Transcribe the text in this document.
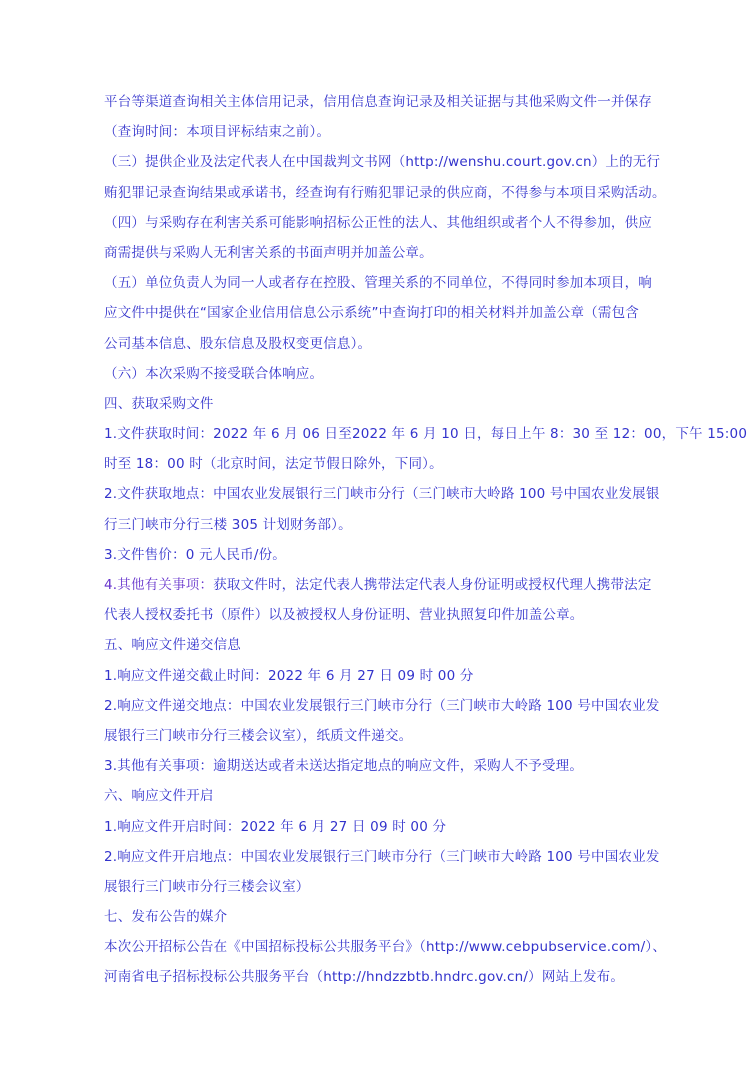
平台等渠道查询相关主体信用记录，信用信息查询记录及相关证据与其他采购文件一并保存
（查询时间：本项目评标结束之前）。
（三）提供企业及法定代表人在中国裁判文书网（http://wenshu.court.gov.cn）上的无行
贿犯罪记录查询结果或承诺书，经查询有行贿犯罪记录的供应商，不得参与本项目采购活动。
（四）与采购存在利害关系可能影响招标公正性的法人、其他组织或者个人不得参加，供应
商需提供与采购人无利害关系的书面声明并加盖公章。
（五）单位负责人为同一人或者存在控股、管理关系的不同单位，不得同时参加本项目，响
应文件中提供在“国家企业信用信息公示系统”中查询打印的相关材料并加盖公章（需包含
公司基本信息、股东信息及股权变更信息）。
（六）本次采购不接受联合体响应。
四、获取采购文件
1.文件获取时间：2022 年 6 月 06 日至2022 年 6 月 10 日，每日上午 8：30 至 12：00，下午 15:00
时至 18：00 时（北京时间，法定节假日除外，下同）。
2.文件获取地点：中国农业发展银行三门峡市分行（三门峡市大岭路 100 号中国农业发展银
行三门峡市分行三楼 305 计划财务部）。
3.文件售价：0 元人民币/份。
4.其他有关事项：获取文件时，法定代表人携带法定代表人身份证明或授权代理人携带法定
代表人授权委托书（原件）以及被授权人身份证明、营业执照复印件加盖公章。
五、响应文件递交信息
1.响应文件递交截止时间：2022 年 6 月 27 日 09 时 00 分
2.响应文件递交地点：中国农业发展银行三门峡市分行（三门峡市大岭路 100 号中国农业发
展银行三门峡市分行三楼会议室），纸质文件递交。
3.其他有关事项：逾期送达或者未送达指定地点的响应文件，采购人不予受理。
六、响应文件开启
1.响应文件开启时间：2022 年 6 月 27 日 09 时 00 分
2.响应文件开启地点：中国农业发展银行三门峡市分行（三门峡市大岭路 100 号中国农业发
展银行三门峡市分行三楼会议室）
七、发布公告的媒介
本次公开招标公告在《中国招标投标公共服务平台》（http://www.cebpubservice.com/）、
河南省电子招标投标公共服务平台（http://hndzzbtb.hndrc.gov.cn/）网站上发布。
